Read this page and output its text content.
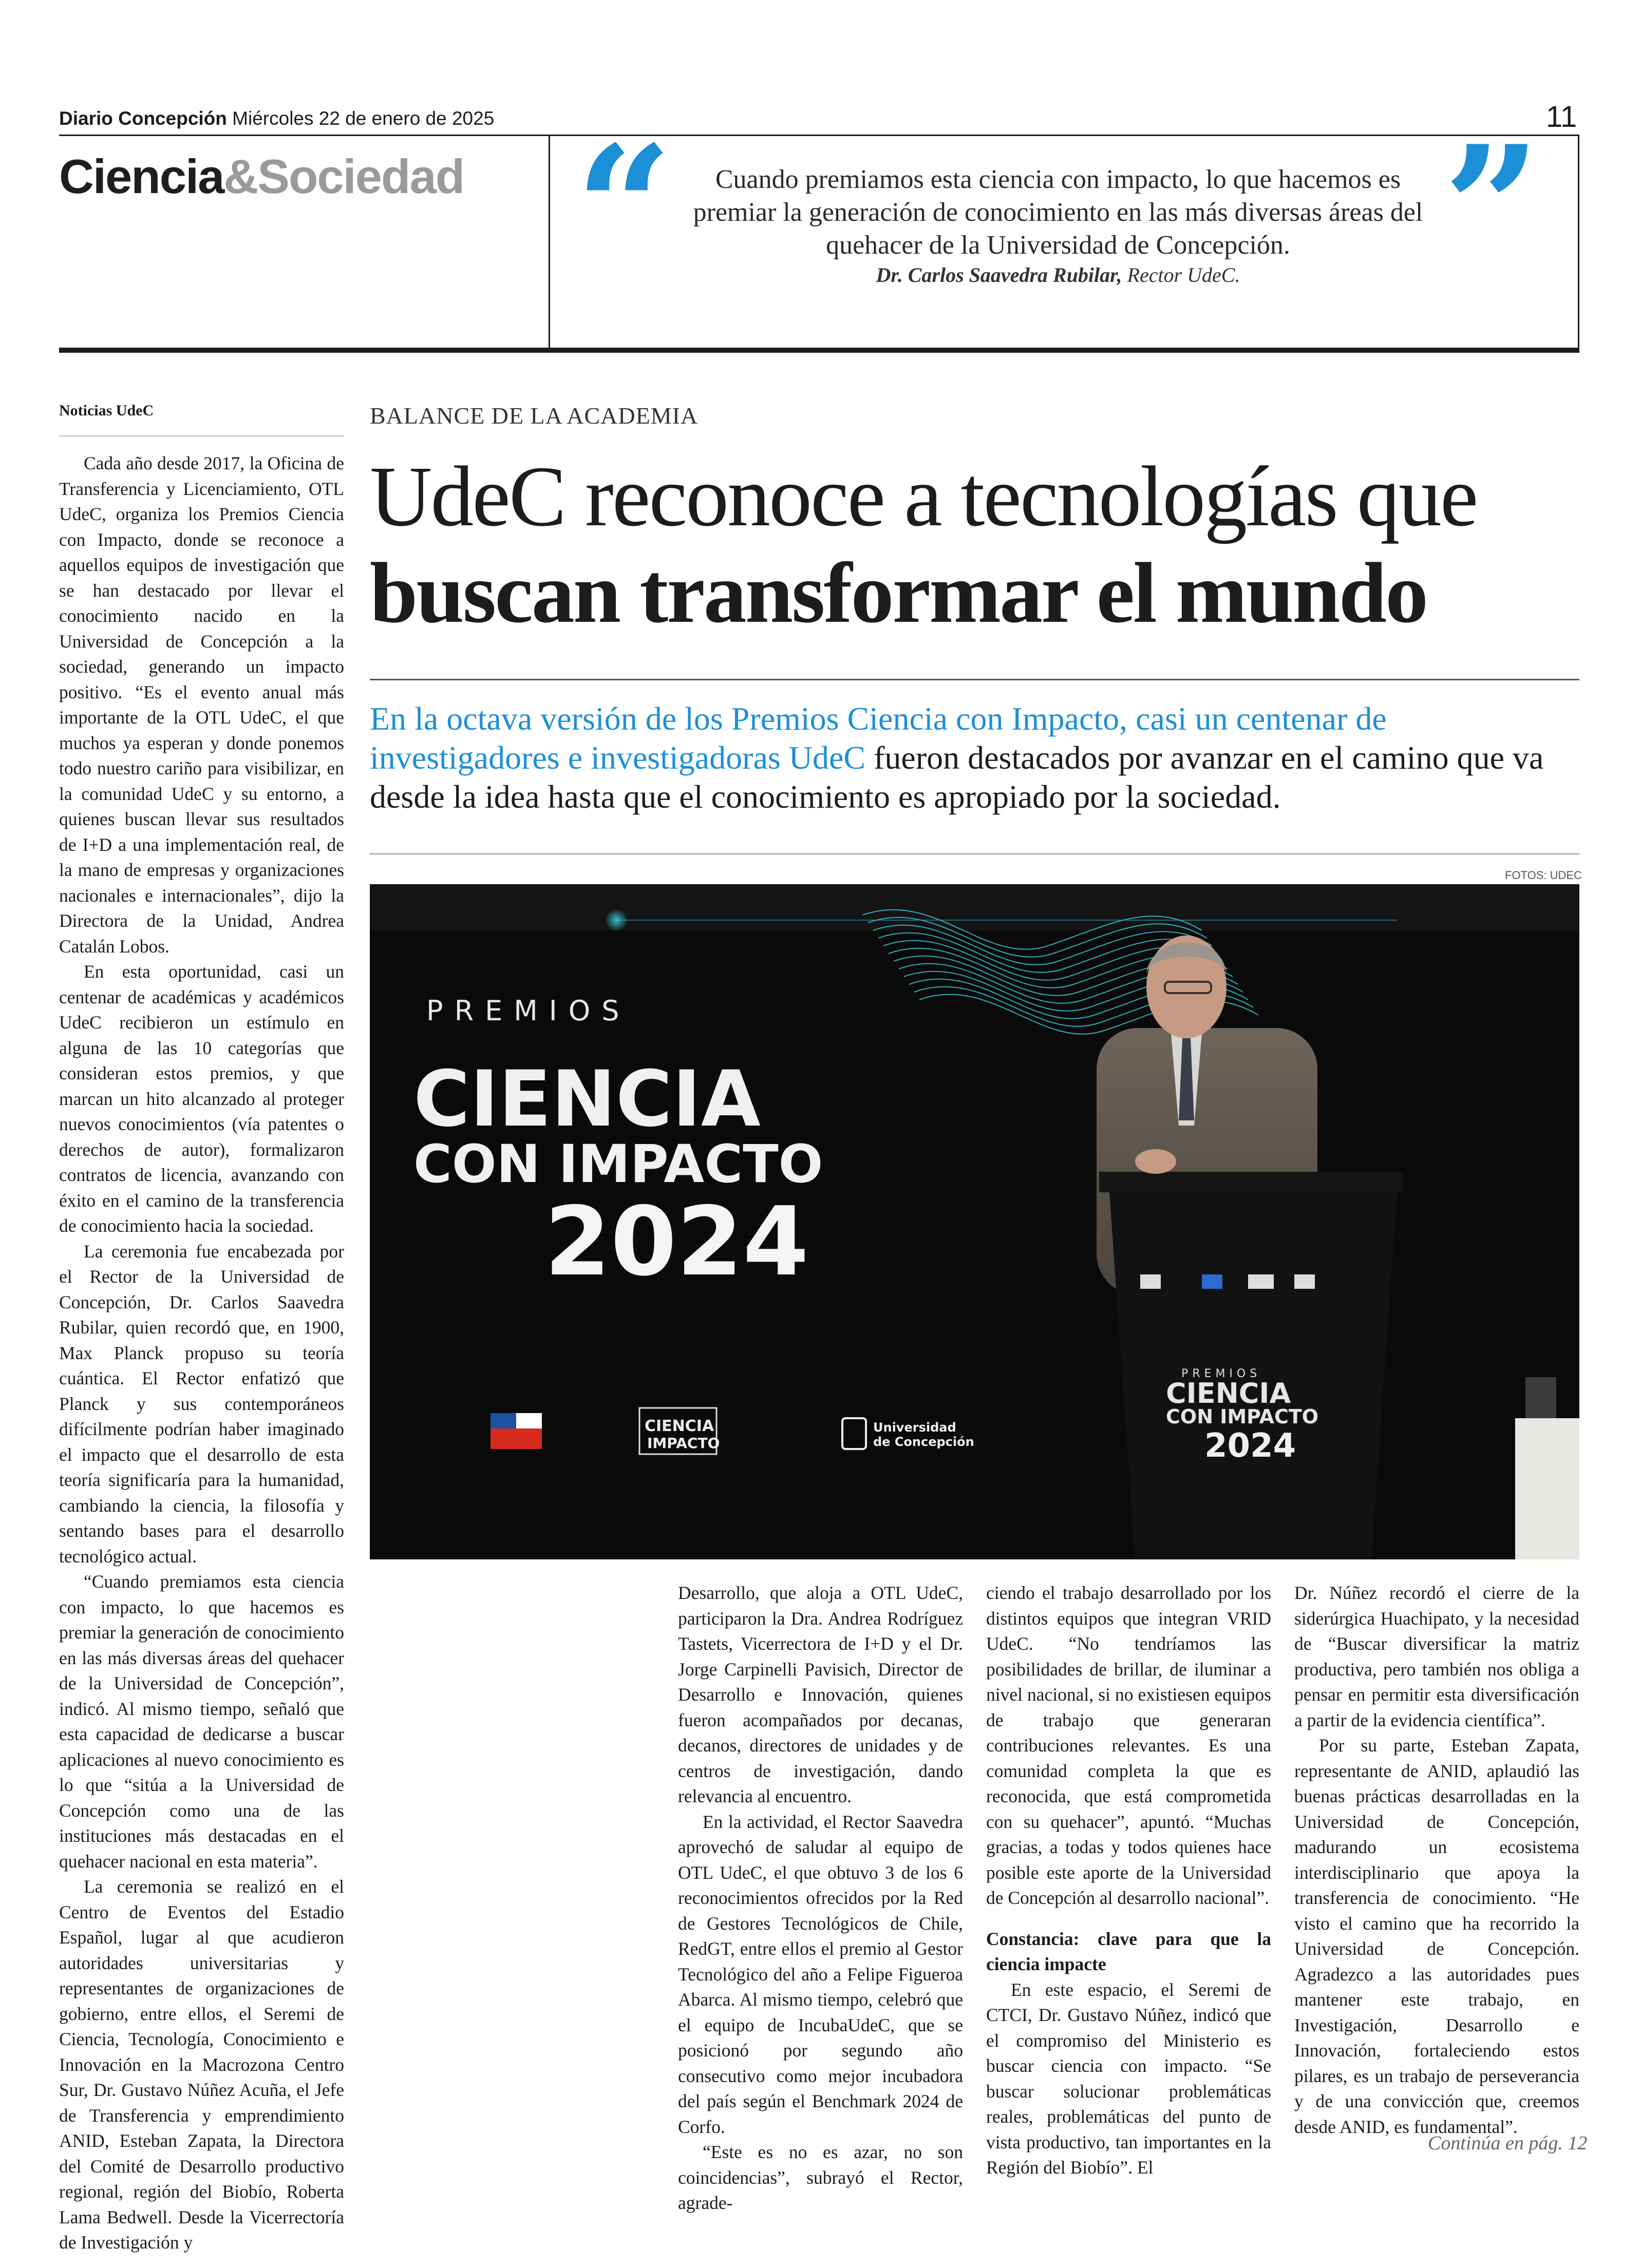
Diario Concepción Miércoles 22 de enero de 2025	11
Ciencia&Sociedad “	”
Cuando premiamos esta ciencia con impacto, lo que hacemos es premiar la generación de conocimiento en las más diversas áreas del quehacer de la Universidad de Concepción.
Dr. Carlos Saavedra Rubilar, Rector UdeC.
Noticias UdeC	BALANCE DE LA ACADEMIA
UdeC reconoce a tecnologías que
buscan transformar el mundo
En la octava versión de los Premios Ciencia con Impacto, casi un centenar de investigadores e investigadoras UdeC fueron destacados por avanzar en el camino que va desde la idea hasta que el conocimiento es apropiado por la sociedad.
FOTOS: UDEC
PREMIOS
CIENCIA
CON IMPACTO
2024
CIENCIA
IMPACTO
Universidad
de Concepción
PREMIOS
CIENCIA
CON IMPACTO
2024

Cada año desde 2017, la Oficina de Transferencia y Licenciamiento, OTL UdeC, organiza los Premios Ciencia con Impacto, donde se reconoce a aquellos equipos de investigación que se han destacado por llevar el conocimiento nacido en la Universidad de Concepción a la sociedad, generando un impacto positivo. “Es el evento anual más importante de la OTL UdeC, el que muchos ya esperan y donde ponemos todo nuestro cariño para visibilizar, en la comunidad UdeC y su entorno, a quienes buscan llevar sus resultados de I+D a una implementación real, de la mano de empresas y organizaciones nacionales e internacionales”, dijo la Directora de la Unidad, Andrea Catalán Lobos.

En esta oportunidad, casi un centenar de académicas y académicos UdeC recibieron un estímulo en alguna de las 10 categorías que consideran estos premios, y que marcan un hito alcanzado al proteger nuevos conocimientos (vía patentes o derechos de autor), formalizaron contratos de licencia, avanzando con éxito en el camino de la transferencia de conocimiento hacia la sociedad.

La ceremonia fue encabezada por el Rector de la Universidad de Concepción, Dr. Carlos Saavedra Rubilar, quien recordó que, en 1900, Max Planck propuso su teoría cuántica. El Rector enfatizó que Planck y sus contemporáneos difícilmente podrían haber imaginado el impacto que el desarrollo de esta teoría significaría para la humanidad, cambiando la ciencia, la filosofía y sentando bases para el desarrollo tecnológico actual.

“Cuando premiamos esta ciencia con impacto, lo que hacemos es premiar la generación de conocimiento en las más diversas áreas del quehacer de la Universidad de Concepción”, indicó. Al mismo tiempo, señaló que esta capacidad de dedicarse a buscar aplicaciones al nuevo conocimiento es lo que “sitúa a la Universidad de Concepción como una de las instituciones más destacadas en el quehacer nacional en esta materia”.

La ceremonia se realizó en el Centro de Eventos del Estadio Español, lugar al que acudieron autoridades universitarias y representantes de organizaciones de gobierno, entre ellos, el Seremi de Ciencia, Tecnología, Conocimiento e Innovación en la Macrozona Centro Sur, Dr. Gustavo Núñez Acuña, el Jefe de Transferencia y emprendimiento ANID, Esteban Zapata, la Directora del Comité de Desarrollo productivo regional, región del Biobío, Roberta Lama Bedwell. Desde la Vicerrectoría de Investigación y

Desarrollo, que aloja a OTL UdeC, participaron la Dra. Andrea Rodríguez Tastets, Vicerrectora de I+D y el Dr. Jorge Carpinelli Pavisich, Director de Desarrollo e Innovación, quienes fueron acompañados por decanas, decanos, directores de unidades y de centros de investigación, dando relevancia al encuentro.

En la actividad, el Rector Saavedra aprovechó de saludar al equipo de OTL UdeC, el que obtuvo 3 de los 6 reconocimientos ofrecidos por la Red de Gestores Tecnológicos de Chile, RedGT, entre ellos el premio al Gestor Tecnológico del año a Felipe Figueroa Abarca. Al mismo tiempo, celebró que el equipo de IncubaUdeC, que se posicionó por segundo año consecutivo como mejor incubadora del país según el Benchmark 2024 de Corfo.

“Este es no es azar, no son coincidencias”, subrayó el Rector, agrade-

ciendo el trabajo desarrollado por los distintos equipos que integran VRID UdeC. “No tendríamos las posibilidades de brillar, de iluminar a nivel nacional, si no existiesen equipos de trabajo que generaran contribuciones relevantes. Es una comunidad completa la que es reconocida, que está comprometida con su quehacer”, apuntó. “Muchas gracias, a todas y todos quienes hace posible este aporte de la Universidad de Concepción al desarrollo nacional”.

Constancia: clave para que la ciencia impacte

En este espacio, el Seremi de CTCI, Dr. Gustavo Núñez, indicó que el compromiso del Ministerio es buscar ciencia con impacto. “Se buscar solucionar problemáticas reales, problemáticas del punto de vista productivo, tan importantes en la Región del Biobío”. El

Dr. Núñez recordó el cierre de la siderúrgica Huachipato, y la necesidad de “Buscar diversificar la matriz productiva, pero también nos obliga a pensar en permitir esta diversificación a partir de la evidencia científica”.

Por su parte, Esteban Zapata, representante de ANID, aplaudió las buenas prácticas desarrolladas en la Universidad de Concepción, madurando un ecosistema interdisciplinario que apoya la transferencia de conocimiento. “He visto el camino que ha recorrido la Universidad de Concepción. Agradezco a las autoridades pues mantener este trabajo, en Investigación, Desarrollo e Innovación, fortaleciendo estos pilares, es un trabajo de perseverancia y de una convicción que, creemos desde ANID, es fundamental”.

Continúa en pág. 12
